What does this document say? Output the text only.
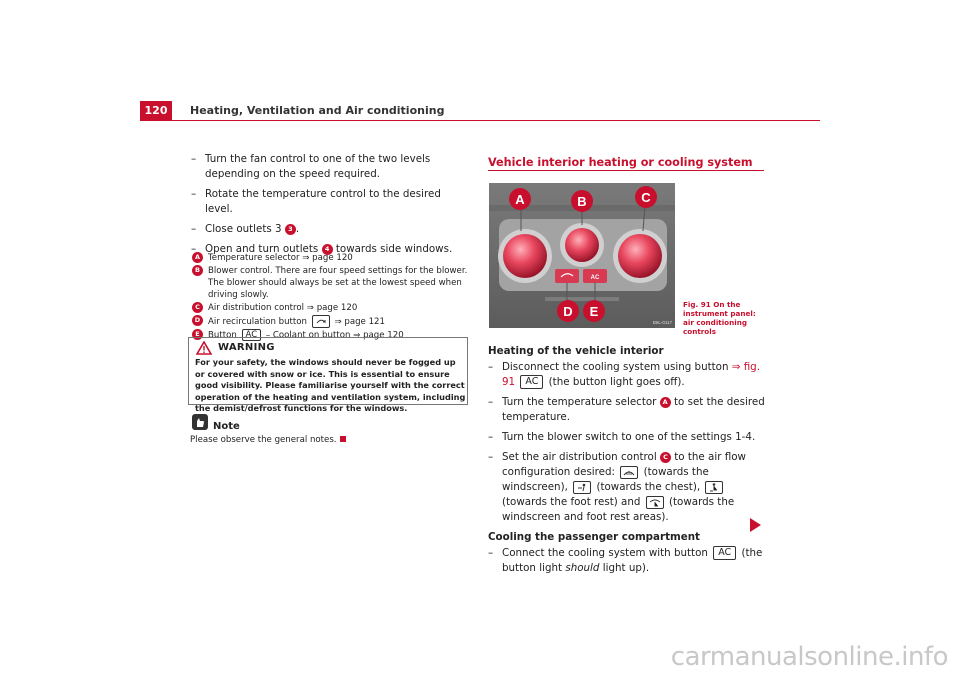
120	Heating, Ventilation and Air conditioning
– Turn the fan control to one of the two levels depending on the speed required.
– Rotate the temperature control to the desired level.
– Close outlets 3 3 .
– Open and turn outlets 4 towards side windows.
A Temperature selector ⇒ page 120
B Blower control. There are four speed settings for the blower. The blower should always be set at the lowest speed when driving slowly.
C Air distribution control ⇒ page 120
D Air recirculation button	⇒ page 121
E Button AC – Coolant on button ⇒ page 120
WARNING
For your safety, the windows should never be fogged up or covered with snow or ice. This is essential to ensure good visibility. Please familiarise yourself with the correct operation of the heating and ventilation system, including the demist/defrost functions for the windows.
Note
Please observe the general notes.
Vehicle interior heating or cooling system
AC
A	B	C
D E
B6L-0117
Fig. 91 On the instrument panel: air conditioning controls
Heating of the vehicle interior
– Disconnect the cooling system using button ⇒ fig. 91 AC (the button light goes off).
– Turn the temperature selector A to set the desired temperature.
– Turn the blower switch to one of the settings 1-4.
– Set the air distribution control C to the air flow configuration desired:	(towards the windscreen),	(towards the chest),  (towards the foot rest) and	(towards the windscreen and foot rest areas).
Cooling the passenger compartment
– Connect the cooling system with button AC (the button light should light up).
carmanualsonline.info
